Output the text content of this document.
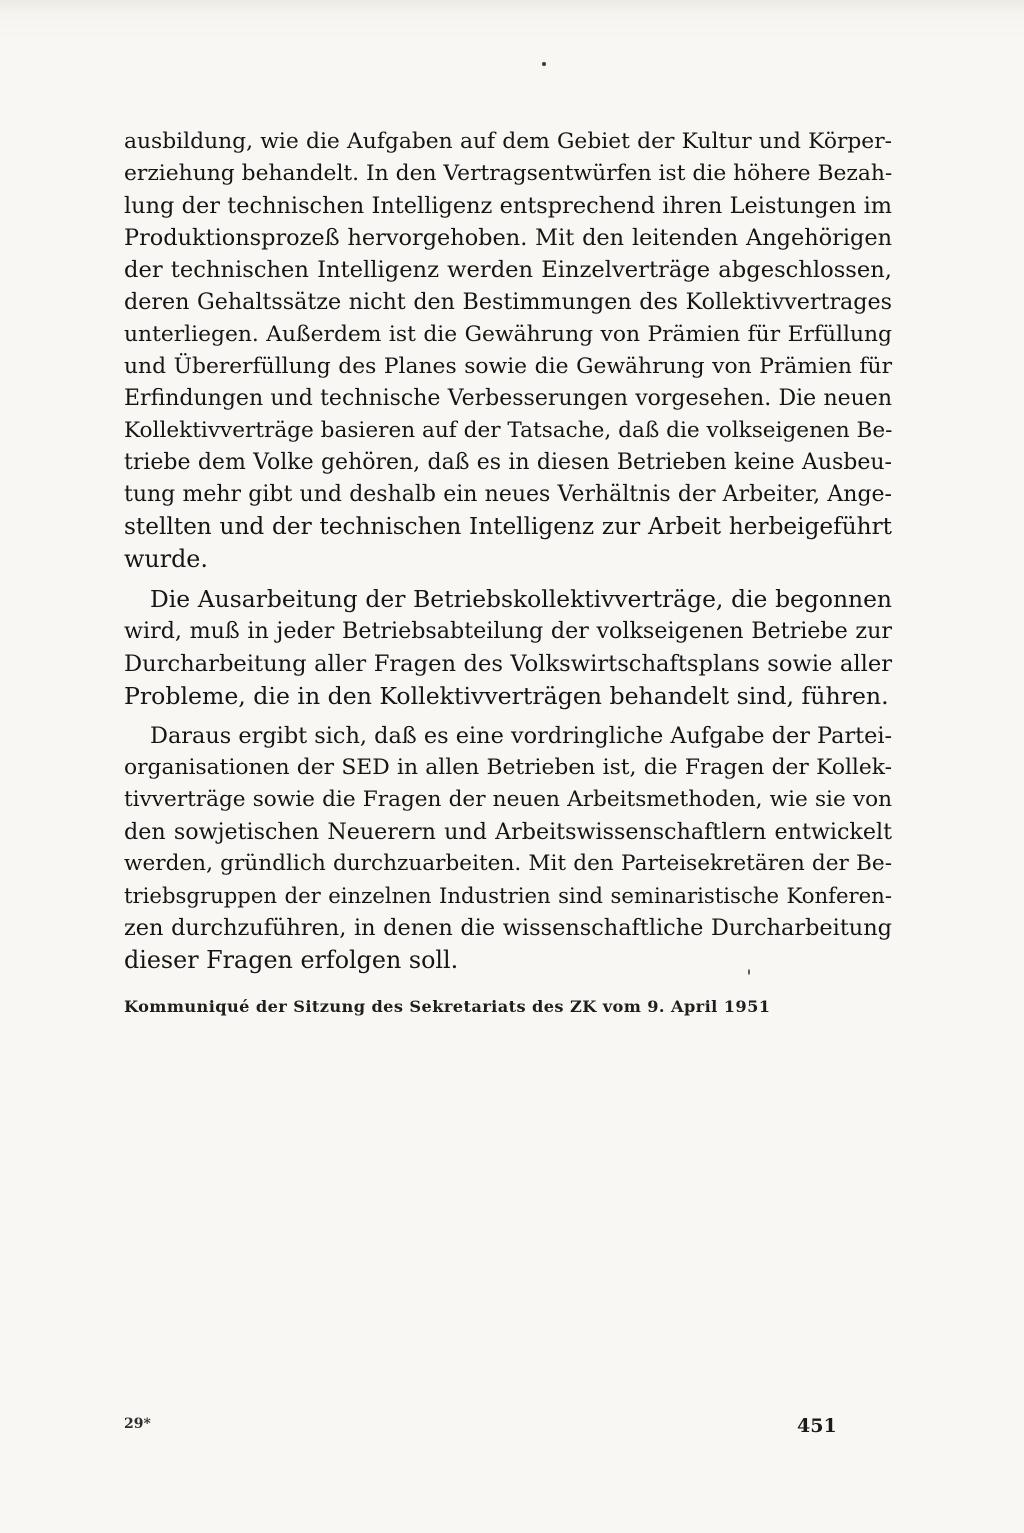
ausbildung, wie die Aufgaben auf dem Gebiet der Kultur und Körper-
erziehung behandelt. In den Vertragsentwürfen ist die höhere Bezah-
lung der technischen Intelligenz entsprechend ihren Leistungen im
Produktionsprozeß hervorgehoben. Mit den leitenden Angehörigen
der technischen Intelligenz werden Einzelverträge abgeschlossen,
deren Gehaltssätze nicht den Bestimmungen des Kollektivvertrages
unterliegen. Außerdem ist die Gewährung von Prämien für Erfüllung
und Übererfüllung des Planes sowie die Gewährung von Prämien für
Erfindungen und technische Verbesserungen vorgesehen. Die neuen
Kollektivverträge basieren auf der Tatsache, daß die volkseigenen Be-
triebe dem Volke gehören, daß es in diesen Betrieben keine Ausbeu-
tung mehr gibt und deshalb ein neues Verhältnis der Arbeiter, Ange-
stellten und der technischen Intelligenz zur Arbeit herbeigeführt
wurde.
Die Ausarbeitung der Betriebskollektivverträge, die begonnen
wird, muß in jeder Betriebsabteilung der volkseigenen Betriebe zur
Durcharbeitung aller Fragen des Volkswirtschaftsplans sowie aller
Probleme, die in den Kollektivverträgen behandelt sind, führen.
Daraus ergibt sich, daß es eine vordringliche Aufgabe der Partei-
organisationen der SED in allen Betrieben ist, die Fragen der Kollek-
tivverträge sowie die Fragen der neuen Arbeitsmethoden, wie sie von
den sowjetischen Neuerern und Arbeitswissenschaftlern entwickelt
werden, gründlich durchzuarbeiten. Mit den Parteisekretären der Be-
triebsgruppen der einzelnen Industrien sind seminaristische Konferen-
zen durchzuführen, in denen die wissenschaftliche Durcharbeitung
dieser Fragen erfolgen soll.
Kommuniqué der Sitzung des Sekretariats des ZK vom 9. April 1951
29*	451
